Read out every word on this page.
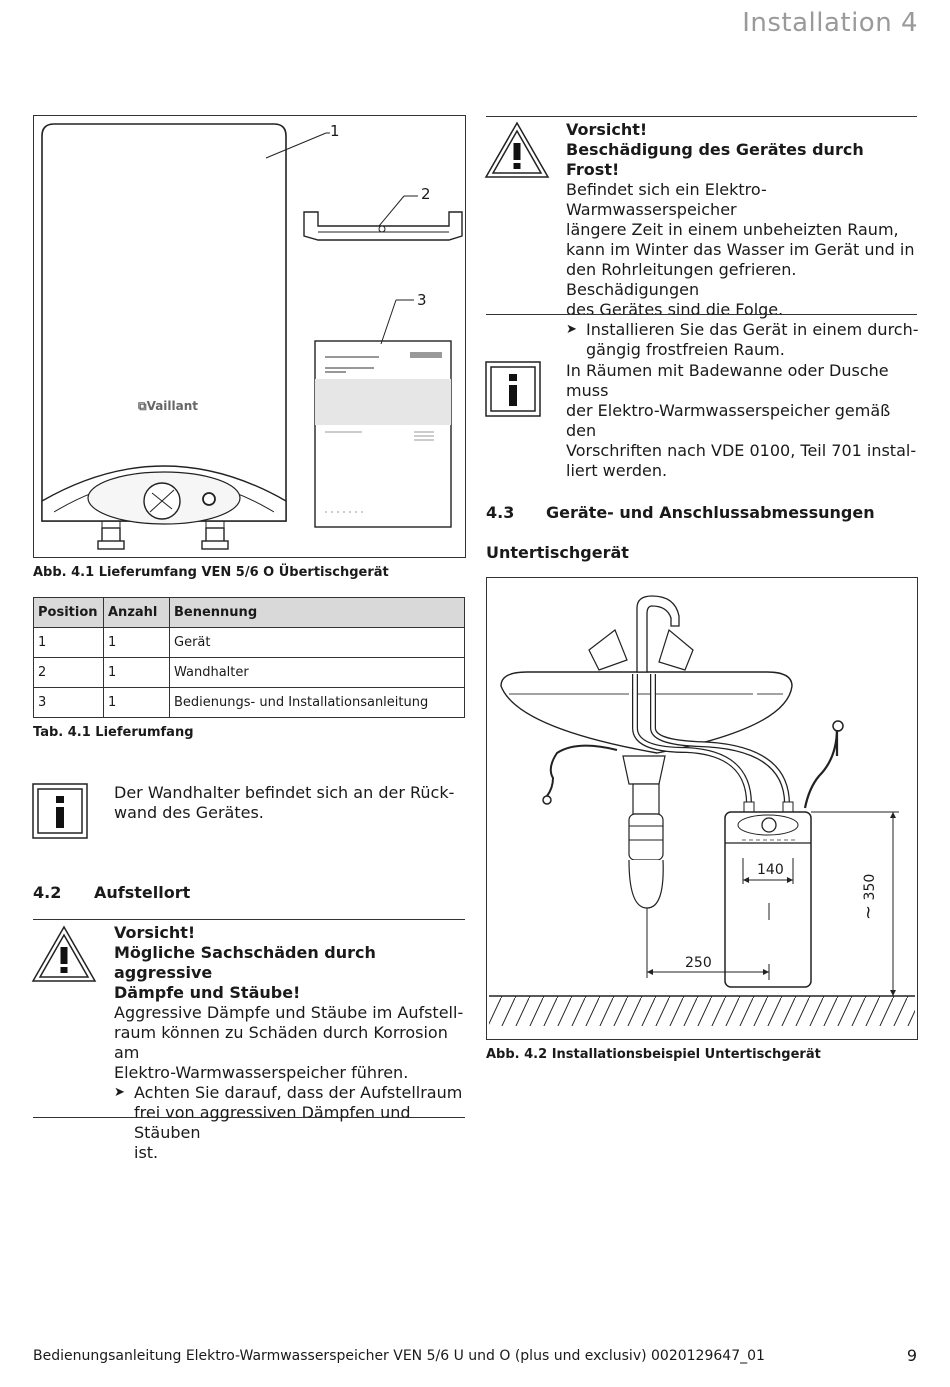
Installation 4
1
2
3
⧉Vaillant
Abb. 4.1 Lieferumfang VEN 5/6 O Übertischgerät
Position	Anzahl	Benennung
1	1	Gerät
2	1	Wandhalter
3	1	Bedienungs- und Installationsanleitung
Tab. 4.1 Lieferumfang
Der Wandhalter befindet sich an der Rück-
wand des Gerätes.
4.2 Aufstellort
Vorsicht!
Mögliche Sachschäden durch aggressive
Dämpfe und Stäube!
Aggressive Dämpfe und Stäube im Aufstell-
raum können zu Schäden durch Korrosion am
Elektro-Warmwasserspeicher führen.
➤ Achten Sie darauf, dass der Aufstellraum
frei von aggressiven Dämpfen und Stäuben
ist.
Vorsicht!
Beschädigung des Gerätes durch Frost!
Befindet sich ein Elektro-Warmwasserspeicher
längere Zeit in einem unbeheizten Raum,
kann im Winter das Wasser im Gerät und in
den Rohrleitungen gefrieren. Beschädigungen
des Gerätes sind die Folge.
➤ Installieren Sie das Gerät in einem durch-
gängig frostfreien Raum.
In Räumen mit Badewanne oder Dusche muss
der Elektro-Warmwasserspeicher gemäß den
Vorschriften nach VDE 0100, Teil 701 instal-
liert werden.
4.3 Geräte- und Anschlussabmessungen
Untertischgerät
140
250
~ 350
Abb. 4.2 Installationsbeispiel Untertischgerät
Bedienungsanleitung Elektro-Warmwasserspeicher VEN 5/6 U und O (plus und exclusiv) 0020129647_01	9
